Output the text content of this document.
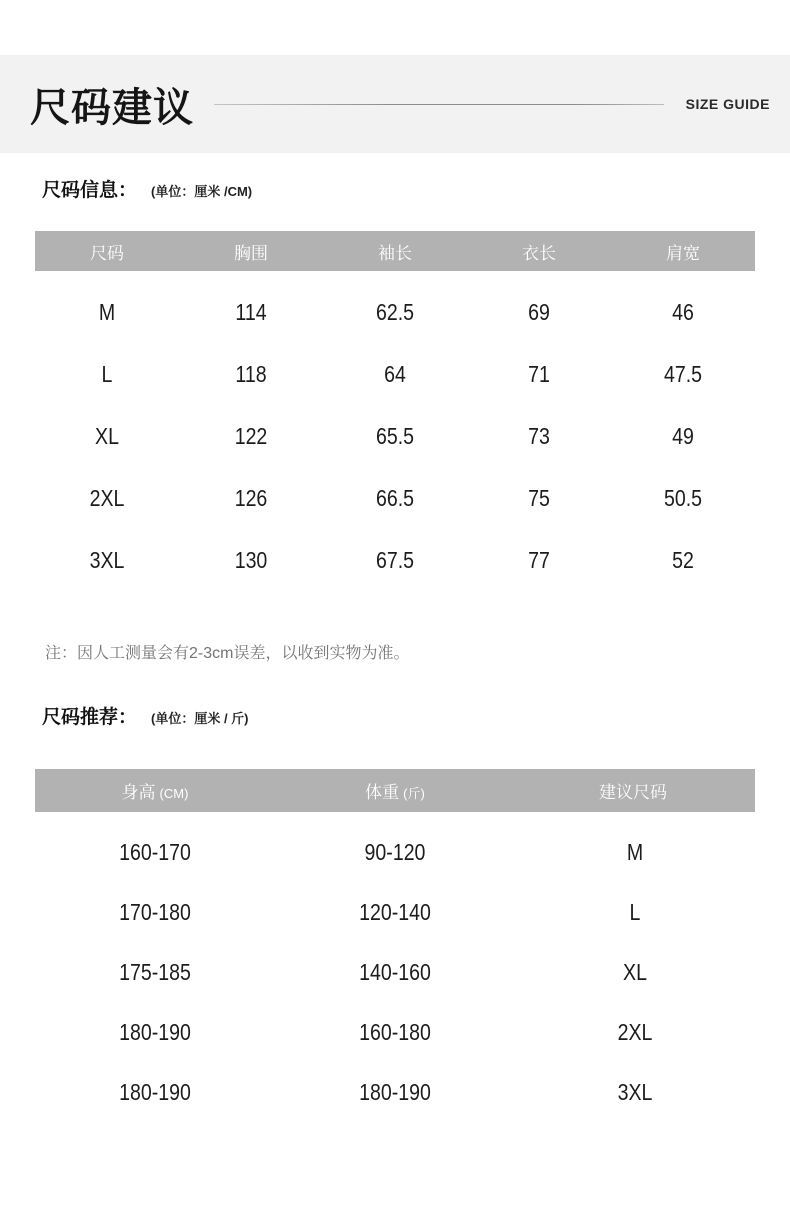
尺码建议	SIZE GUIDE
尺码信息： (单位：厘米 /CM)
尺码	胸围	袖长	衣长	肩宽
M	114	62.5	69	46
L	118	64	71	47.5
XL	122	65.5	73	49
2XL	126	66.5	75	50.5
3XL	130	67.5	77	52
注：因人工测量会有2-3cm误差，以收到实物为准。
尺码推荐： (单位：厘米 / 斤)
身高 (CM)	体重 (斤)	建议尺码
160-170	90-120	M
170-180	120-140	L
175-185	140-160	XL
180-190	160-180	2XL
180-190	180-190	3XL
